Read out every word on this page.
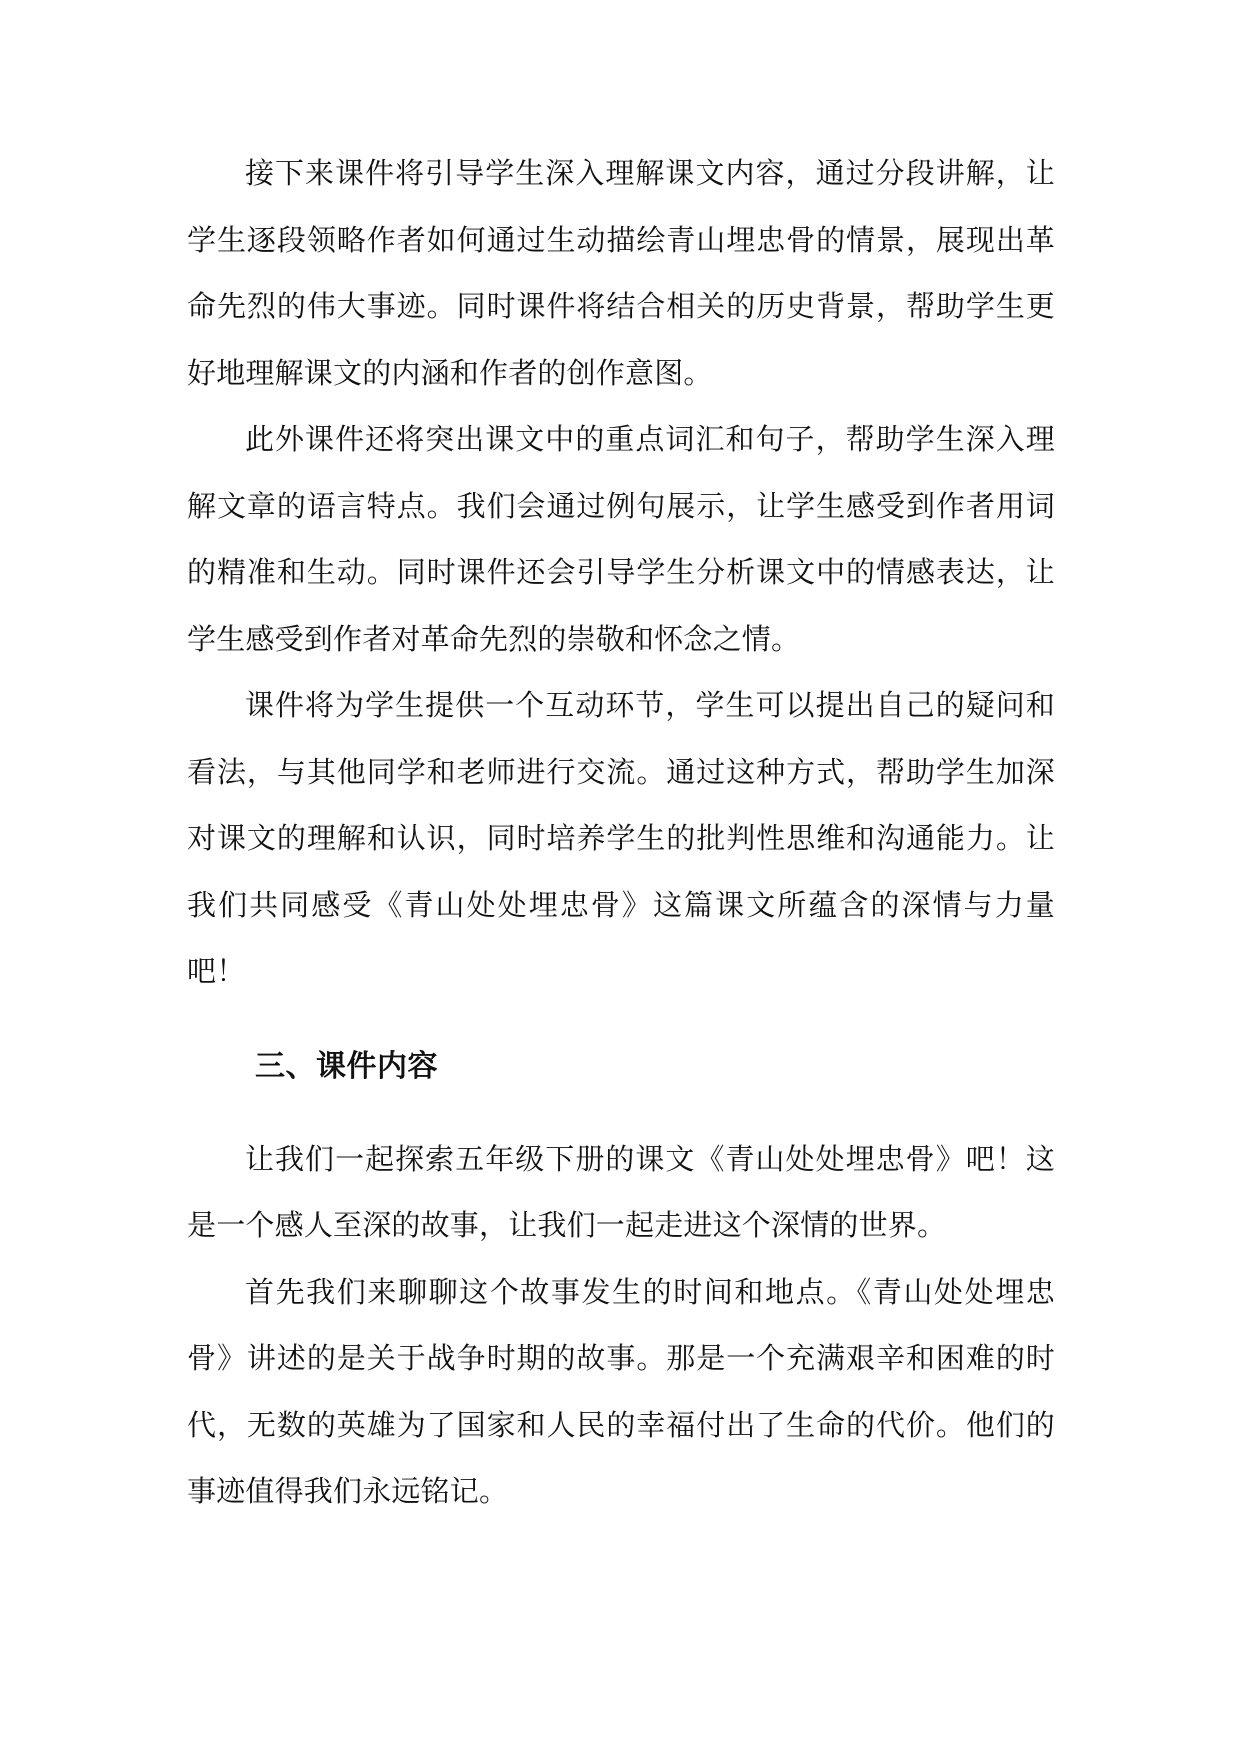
接下来课件将引导学生深入理解课文内容，通过分段讲解，让学生逐段领略作者如何通过生动描绘青山埋忠骨的情景，展现出革命先烈的伟大事迹。同时课件将结合相关的历史背景，帮助学生更好地理解课文的内涵和作者的创作意图。

此外课件还将突出课文中的重点词汇和句子，帮助学生深入理解文章的语言特点。我们会通过例句展示，让学生感受到作者用词的精准和生动。同时课件还会引导学生分析课文中的情感表达，让学生感受到作者对革命先烈的崇敬和怀念之情。

课件将为学生提供一个互动环节，学生可以提出自己的疑问和看法，与其他同学和老师进行交流。通过这种方式，帮助学生加深对课文的理解和认识，同时培养学生的批判性思维和沟通能力。让我们共同感受《青山处处埋忠骨》这篇课文所蕴含的深情与力量吧！

三、课件内容

让我们一起探索五年级下册的课文《青山处处埋忠骨》吧！这是一个感人至深的故事，让我们一起走进这个深情的世界。

首先我们来聊聊这个故事发生的时间和地点。《青山处处埋忠骨》讲述的是关于战争时期的故事。那是一个充满艰辛和困难的时代，无数的英雄为了国家和人民的幸福付出了生命的代价。他们的事迹值得我们永远铭记。
